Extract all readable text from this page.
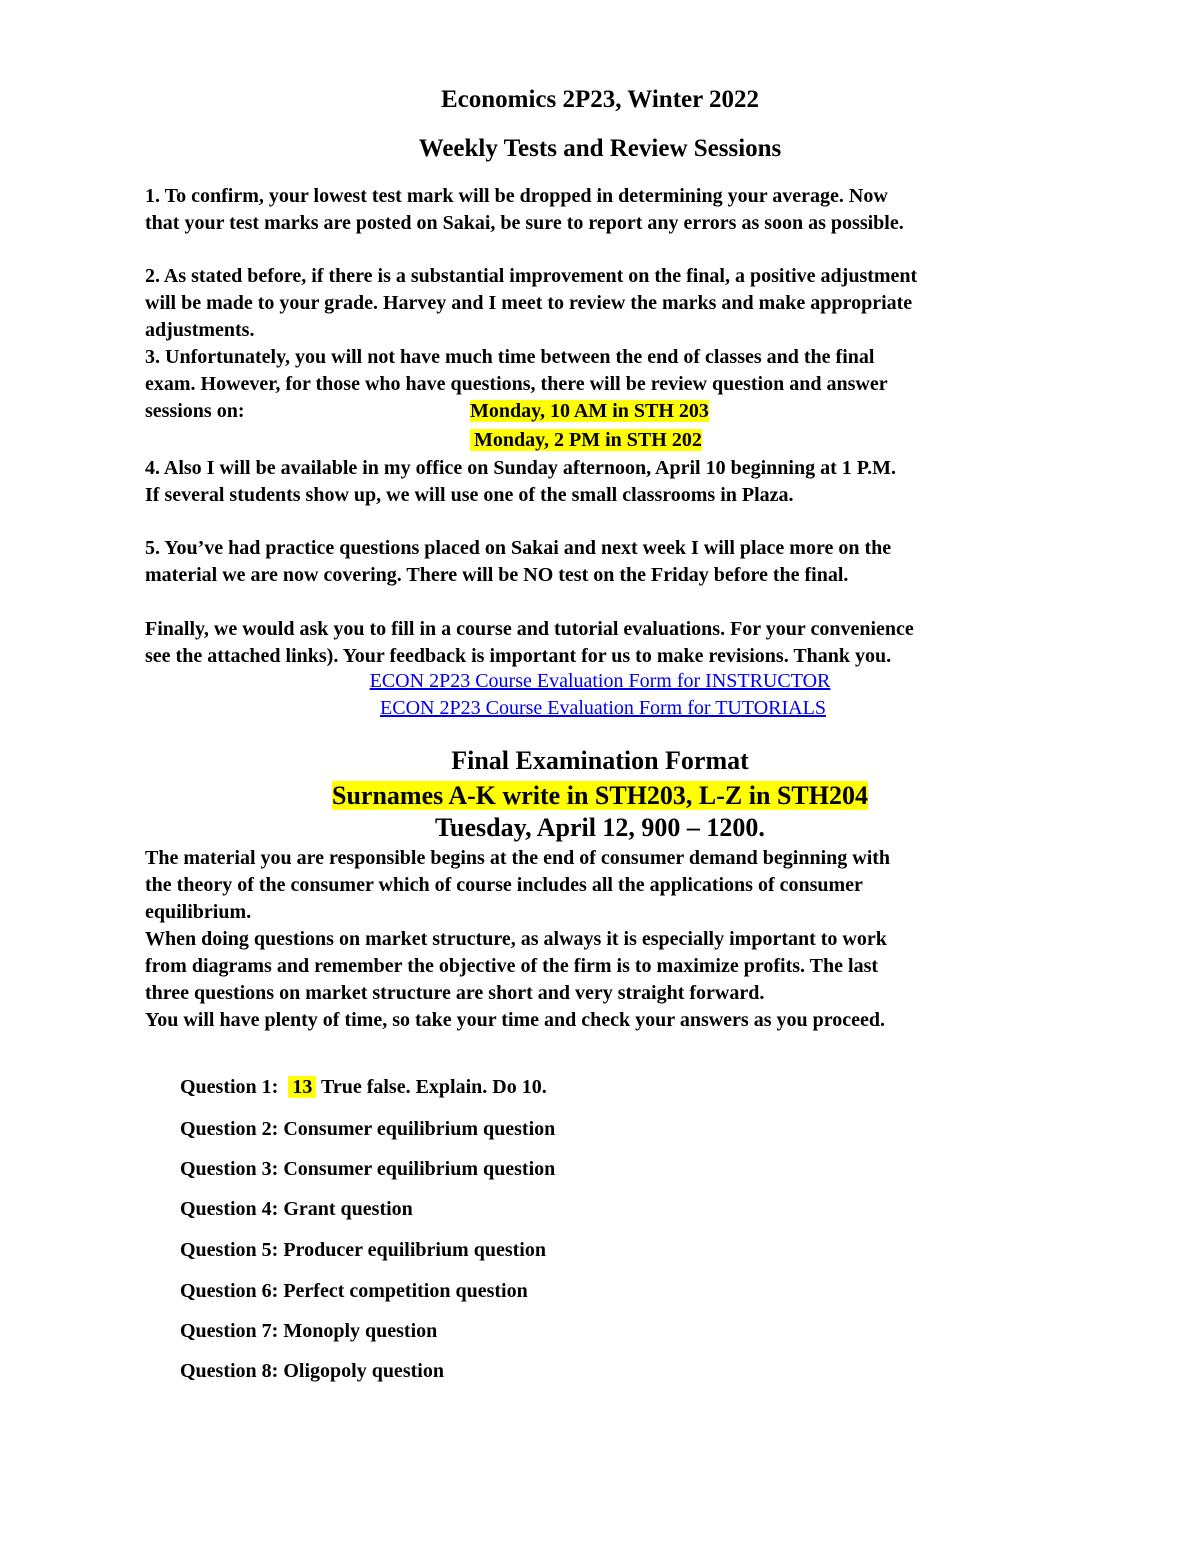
Economics 2P23, Winter 2022
Weekly Tests and Review Sessions
1. To confirm, your lowest test mark will be dropped in determining your average. Now
that your test marks are posted on Sakai, be sure to report any errors as soon as possible.
2. As stated before, if there is a substantial improvement on the final, a positive adjustment
will be made to your grade. Harvey and I meet to review the marks and make appropriate
adjustments.
3. Unfortunately, you will not have much time between the end of classes and the final
exam. However, for those who have questions, there will be review question and answer
sessions on:	Monday, 10 AM in STH 203
Monday, 2 PM in STH 202
4. Also I will be available in my office on Sunday afternoon, April 10 beginning at 1 P.M.
If several students show up, we will use one of the small classrooms in Plaza.
5. You’ve had practice questions placed on Sakai and next week I will place more on the
material we are now covering. There will be NO test on the Friday before the final.
Finally, we would ask you to fill in a course and tutorial evaluations. For your convenience
see the attached links). Your feedback is important for us to make revisions. Thank you.
ECON 2P23 Course Evaluation Form for INSTRUCTOR
ECON 2P23 Course Evaluation Form for TUTORIALS
Final Examination Format
Surnames A-K write in STH203, L-Z in STH204
Tuesday, April 12, 900 – 1200.
The material you are responsible begins at the end of consumer demand beginning with
the theory of the consumer which of course includes all the applications of consumer
equilibrium.
When doing questions on market structure, as always it is especially important to work
from diagrams and remember the objective of the firm is to maximize profits. The last
three questions on market structure are short and very straight forward.
You will have plenty of time, so take your time and check your answers as you proceed.
Question 1: 13 True false. Explain. Do 10.
Question 2: Consumer equilibrium question
Question 3: Consumer equilibrium question
Question 4: Grant question
Question 5: Producer equilibrium question
Question 6: Perfect competition question
Question 7: Monoply question
Question 8: Oligopoly question
